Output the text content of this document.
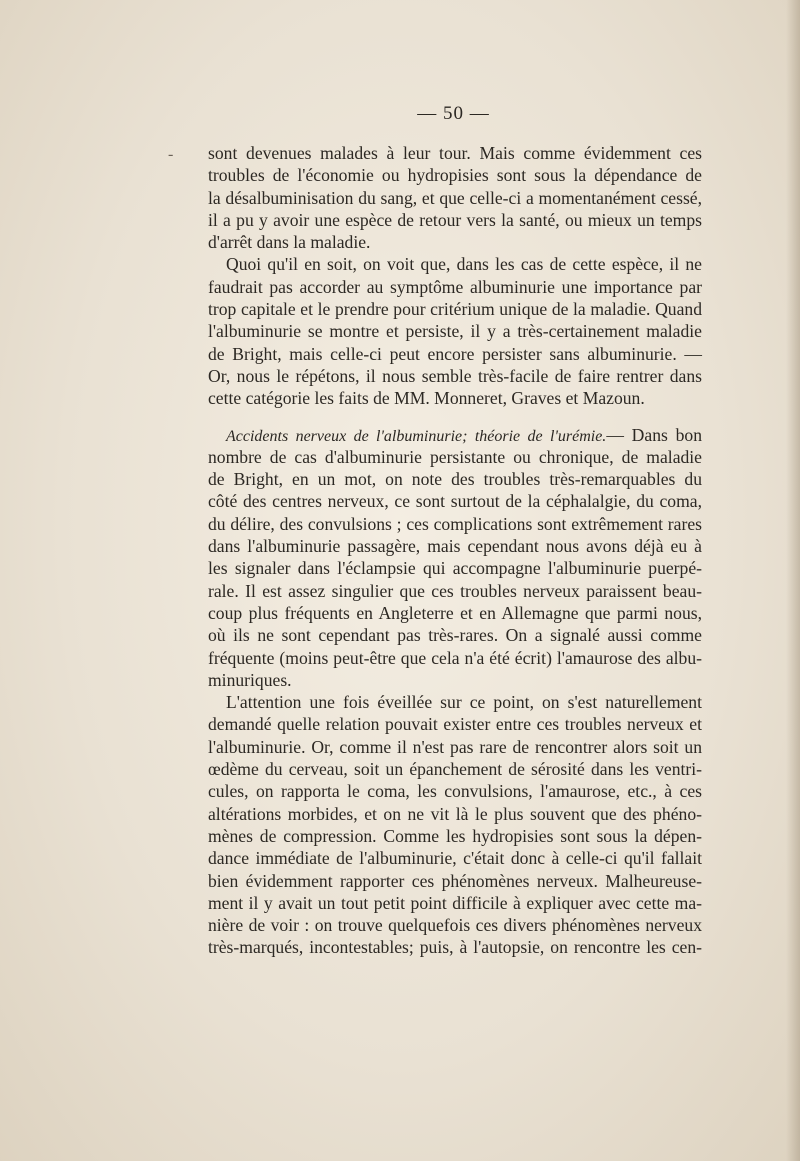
— 50 —
- sont devenues malades à leur tour. Mais comme évidemment ces
troubles de l'économie ou hydropisies sont sous la dépendance de
la désalbuminisation du sang, et que celle-ci a momentanément cessé,
il a pu y avoir une espèce de retour vers la santé, ou mieux un temps
d'arrêt dans la maladie.
Quoi qu'il en soit, on voit que, dans les cas de cette espèce, il ne
faudrait pas accorder au symptôme albuminurie une importance par
trop capitale et le prendre pour critérium unique de la maladie. Quand
l'albuminurie se montre et persiste, il y a très-certainement maladie
de Bright, mais celle-ci peut encore persister sans albuminurie. —
Or, nous le répétons, il nous semble très-facile de faire rentrer dans
cette catégorie les faits de MM. Monneret, Graves et Mazoun.
Accidents nerveux de l'albuminurie; théorie de l'urémie.— Dans bon
nombre de cas d'albuminurie persistante ou chronique, de maladie
de Bright, en un mot, on note des troubles très-remarquables du
côté des centres nerveux, ce sont surtout de la céphalalgie, du coma,
du délire, des convulsions ; ces complications sont extrêmement rares
dans l'albuminurie passagère, mais cependant nous avons déjà eu à
les signaler dans l'éclampsie qui accompagne l'albuminurie puerpé-
rale. Il est assez singulier que ces troubles nerveux paraissent beau-
coup plus fréquents en Angleterre et en Allemagne que parmi nous,
où ils ne sont cependant pas très-rares. On a signalé aussi comme
fréquente (moins peut-être que cela n'a été écrit) l'amaurose des albu-
minuriques.
L'attention une fois éveillée sur ce point, on s'est naturellement
demandé quelle relation pouvait exister entre ces troubles nerveux et
l'albuminurie. Or, comme il n'est pas rare de rencontrer alors soit un
œdème du cerveau, soit un épanchement de sérosité dans les ventri-
cules, on rapporta le coma, les convulsions, l'amaurose, etc., à ces
altérations morbides, et on ne vit là le plus souvent que des phéno-
mènes de compression. Comme les hydropisies sont sous la dépen-
dance immédiate de l'albuminurie, c'était donc à celle-ci qu'il fallait
bien évidemment rapporter ces phénomènes nerveux. Malheureuse-
ment il y avait un tout petit point difficile à expliquer avec cette ma-
nière de voir : on trouve quelquefois ces divers phénomènes nerveux
très-marqués, incontestables; puis, à l'autopsie, on rencontre les cen-
